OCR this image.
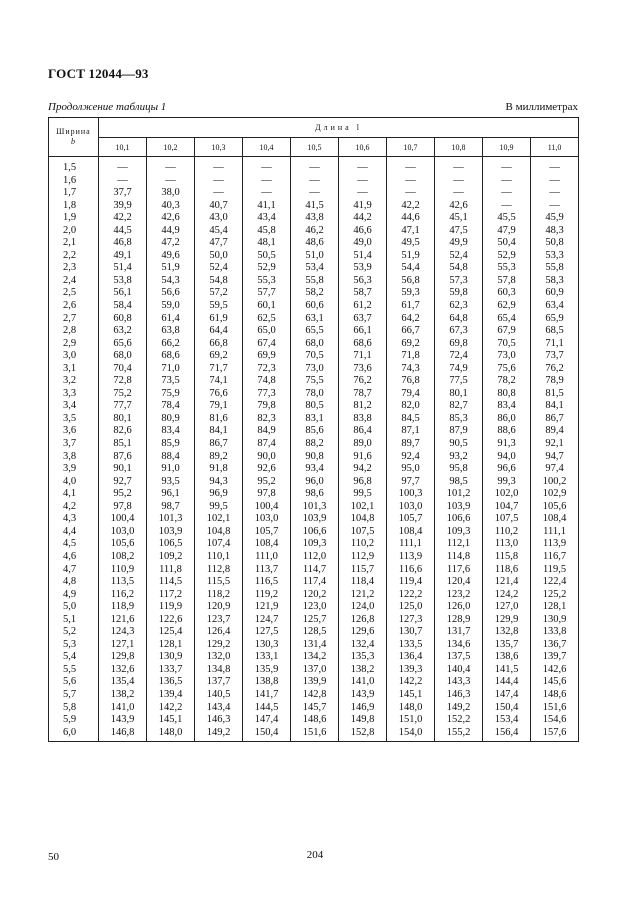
ГОСТ 12044—93
Продолжение таблицы 1	В миллиметрах
Ширина
b	Длина l									
	10,1	10,2	10,3	10,4	10,5	10,6	10,7	10,8	10,9	11,0
1,5	—	—	—	—	—	—	—	—	—	—
1,6	—	—	—	—	—	—	—	—	—	—
1,7	37,7	38,0	—	—	—	—	—	—	—	—
1,8	39,9	40,3	40,7	41,1	41,5	41,9	42,2	42,6	—	—
1,9	42,2	42,6	43,0	43,4	43,8	44,2	44,6	45,1	45,5	45,9
2,0	44,5	44,9	45,4	45,8	46,2	46,6	47,1	47,5	47,9	48,3
2,1	46,8	47,2	47,7	48,1	48,6	49,0	49,5	49,9	50,4	50,8
2,2	49,1	49,6	50,0	50,5	51,0	51,4	51,9	52,4	52,9	53,3
2,3	51,4	51,9	52,4	52,9	53,4	53,9	54,4	54,8	55,3	55,8
2,4	53,8	54,3	54,8	55,3	55,8	56,3	56,8	57,3	57,8	58,3
2,5	56,1	56,6	57,2	57,7	58,2	58,7	59,3	59,8	60,3	60,9
2,6	58,4	59,0	59,5	60,1	60,6	61,2	61,7	62,3	62,9	63,4
2,7	60,8	61,4	61,9	62,5	63,1	63,7	64,2	64,8	65,4	65,9
2,8	63,2	63,8	64,4	65,0	65,5	66,1	66,7	67,3	67,9	68,5
2,9	65,6	66,2	66,8	67,4	68,0	68,6	69,2	69,8	70,5	71,1
3,0	68,0	68,6	69,2	69,9	70,5	71,1	71,8	72,4	73,0	73,7
3,1	70,4	71,0	71,7	72,3	73,0	73,6	74,3	74,9	75,6	76,2
3,2	72,8	73,5	74,1	74,8	75,5	76,2	76,8	77,5	78,2	78,9
3,3	75,2	75,9	76,6	77,3	78,0	78,7	79,4	80,1	80,8	81,5
3,4	77,7	78,4	79,1	79,8	80,5	81,2	82,0	82,7	83,4	84,1
3,5	80,1	80,9	81,6	82,3	83,1	83,8	84,5	85,3	86,0	86,7
3,6	82,6	83,4	84,1	84,9	85,6	86,4	87,1	87,9	88,6	89,4
3,7	85,1	85,9	86,7	87,4	88,2	89,0	89,7	90,5	91,3	92,1
3,8	87,6	88,4	89,2	90,0	90,8	91,6	92,4	93,2	94,0	94,7
3,9	90,1	91,0	91,8	92,6	93,4	94,2	95,0	95,8	96,6	97,4
4,0	92,7	93,5	94,3	95,2	96,0	96,8	97,7	98,5	99,3	100,2
4,1	95,2	96,1	96,9	97,8	98,6	99,5	100,3	101,2	102,0	102,9
4,2	97,8	98,7	99,5	100,4	101,3	102,1	103,0	103,9	104,7	105,6
4,3	100,4	101,3	102,1	103,0	103,9	104,8	105,7	106,6	107,5	108,4
4,4	103,0	103,9	104,8	105,7	106,6	107,5	108,4	109,3	110,2	111,1
4,5	105,6	106,5	107,4	108,4	109,3	110,2	111,1	112,1	113,0	113,9
4,6	108,2	109,2	110,1	111,0	112,0	112,9	113,9	114,8	115,8	116,7
4,7	110,9	111,8	112,8	113,7	114,7	115,7	116,6	117,6	118,6	119,5
4,8	113,5	114,5	115,5	116,5	117,4	118,4	119,4	120,4	121,4	122,4
4,9	116,2	117,2	118,2	119,2	120,2	121,2	122,2	123,2	124,2	125,2
5,0	118,9	119,9	120,9	121,9	123,0	124,0	125,0	126,0	127,0	128,1
5,1	121,6	122,6	123,7	124,7	125,7	126,8	127,3	128,9	129,9	130,9
5,2	124,3	125,4	126,4	127,5	128,5	129,6	130,7	131,7	132,8	133,8
5,3	127,1	128,1	129,2	130,3	131,4	132,4	133,5	134,6	135,7	136,7
5,4	129,8	130,9	132,0	133,1	134,2	135,3	136,4	137,5	138,6	139,7
5,5	132,6	133,7	134,8	135,9	137,0	138,2	139,3	140,4	141,5	142,6
5,6	135,4	136,5	137,7	138,8	139,9	141,0	142,2	143,3	144,4	145,6
5,7	138,2	139,4	140,5	141,7	142,8	143,9	145,1	146,3	147,4	148,6
5,8	141,0	142,2	143,4	144,5	145,7	146,9	148,0	149,2	150,4	151,6
5,9	143,9	145,1	146,3	147,4	148,6	149,8	151,0	152,2	153,4	154,6
6,0	146,8	148,0	149,2	150,4	151,6	152,8	154,0	155,2	156,4	157,6
50	204
